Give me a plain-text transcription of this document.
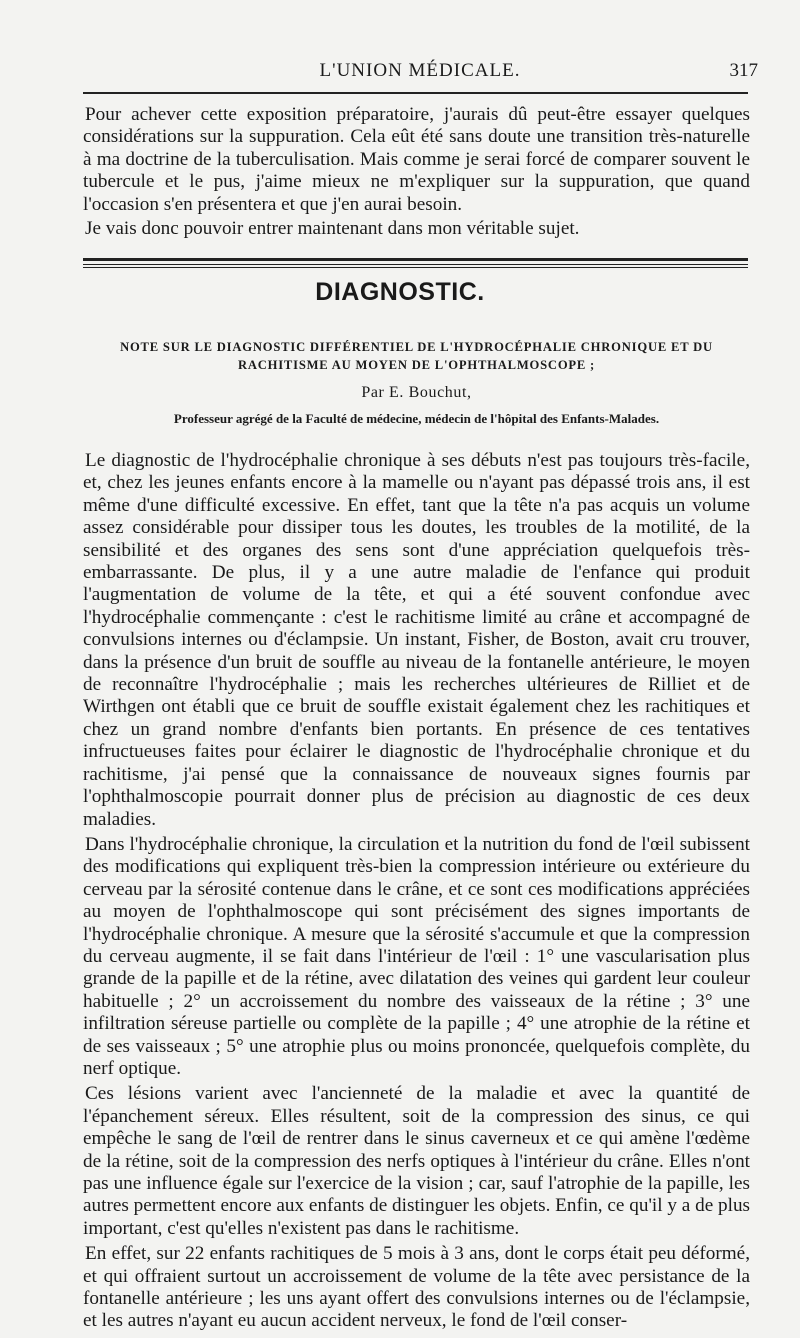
L'UNION MÉDICALE.	317

Pour achever cette exposition préparatoire, j'aurais dû peut-être essayer quelques considérations sur la suppuration. Cela eût été sans doute une transition très-naturelle à ma doctrine de la tuberculisation. Mais comme je serai forcé de comparer souvent le tubercule et le pus, j'aime mieux ne m'expliquer sur la suppuration, que quand l'occasion s'en présentera et que j'en aurai besoin.

Je vais donc pouvoir entrer maintenant dans mon véritable sujet.

DIAGNOSTIC.
NOTE SUR LE DIAGNOSTIC DIFFÉRENTIEL DE L'HYDROCÉPHALIE CHRONIQUE ET DU RACHITISME AU MOYEN DE L'OPHTHALMOSCOPE ;
Par E. Bouchut,
Professeur agrégé de la Faculté de médecine, médecin de l'hôpital des Enfants-Malades.

Le diagnostic de l'hydrocéphalie chronique à ses débuts n'est pas toujours très-facile, et, chez les jeunes enfants encore à la mamelle ou n'ayant pas dépassé trois ans, il est même d'une difficulté excessive. En effet, tant que la tête n'a pas acquis un volume assez considérable pour dissiper tous les doutes, les troubles de la motilité, de la sensibilité et des organes des sens sont d'une appréciation quelquefois très-embarrassante. De plus, il y a une autre maladie de l'enfance qui produit l'augmentation de volume de la tête, et qui a été souvent confondue avec l'hydrocéphalie commençante : c'est le rachitisme limité au crâne et accompagné de convulsions internes ou d'éclampsie. Un instant, Fisher, de Boston, avait cru trouver, dans la présence d'un bruit de souffle au niveau de la fontanelle antérieure, le moyen de reconnaître l'hydrocéphalie ; mais les recherches ultérieures de Rilliet et de Wirthgen ont établi que ce bruit de souffle existait également chez les rachitiques et chez un grand nombre d'enfants bien portants. En présence de ces tentatives infructueuses faites pour éclairer le diagnostic de l'hydrocéphalie chronique et du rachitisme, j'ai pensé que la connaissance de nouveaux signes fournis par l'ophthalmoscopie pourrait donner plus de précision au diagnostic de ces deux maladies.

Dans l'hydrocéphalie chronique, la circulation et la nutrition du fond de l'œil subissent des modifications qui expliquent très-bien la compression intérieure ou extérieure du cerveau par la sérosité contenue dans le crâne, et ce sont ces modifications appréciées au moyen de l'ophthalmoscope qui sont précisément des signes importants de l'hydrocéphalie chronique. A mesure que la sérosité s'accumule et que la compression du cerveau augmente, il se fait dans l'intérieur de l'œil : 1° une vascularisation plus grande de la papille et de la rétine, avec dilatation des veines qui gardent leur couleur habituelle ; 2° un accroissement du nombre des vaisseaux de la rétine ; 3° une infiltration séreuse partielle ou complète de la papille ; 4° une atrophie de la rétine et de ses vaisseaux ; 5° une atrophie plus ou moins prononcée, quelquefois complète, du nerf optique.

Ces lésions varient avec l'ancienneté de la maladie et avec la quantité de l'épanchement séreux. Elles résultent, soit de la compression des sinus, ce qui empêche le sang de l'œil de rentrer dans le sinus caverneux et ce qui amène l'œdème de la rétine, soit de la compression des nerfs optiques à l'intérieur du crâne. Elles n'ont pas une influence égale sur l'exercice de la vision ; car, sauf l'atrophie de la papille, les autres permettent encore aux enfants de distinguer les objets. Enfin, ce qu'il y a de plus important, c'est qu'elles n'existent pas dans le rachitisme.

En effet, sur 22 enfants rachitiques de 5 mois à 3 ans, dont le corps était peu déformé, et qui offraient surtout un accroissement de volume de la tête avec persistance de la fontanelle antérieure ; les uns ayant offert des convulsions internes ou de l'éclampsie, et les autres n'ayant eu aucun accident nerveux, le fond de l'œil conser-
